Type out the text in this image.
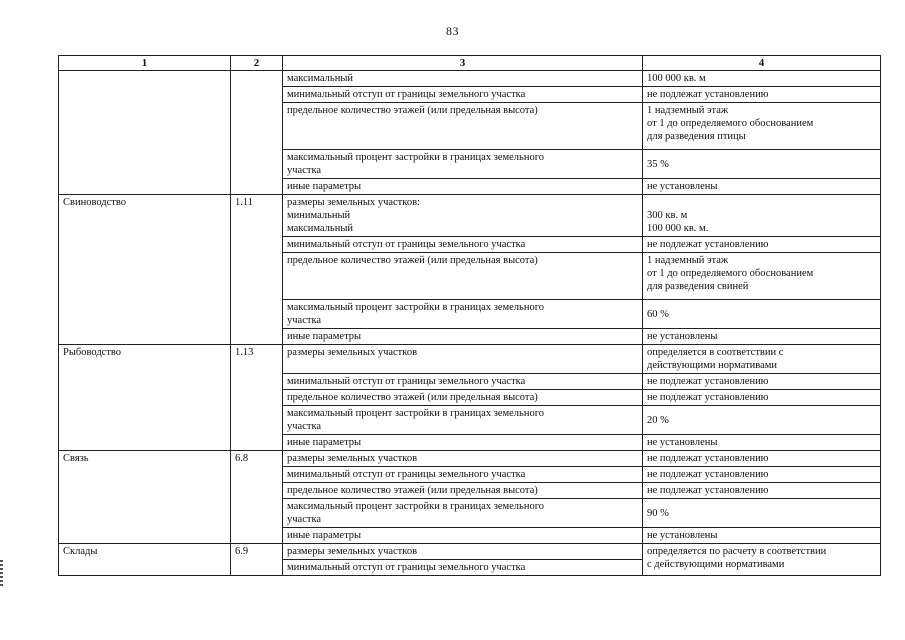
83
1	2	3	4
		максимальный	100 000 кв. м
		минимальный отступ от границы земельного участка	не подлежат установлению
		предельное количество этажей (или предельная высота)	1 надземный этаж
от 1 до определяемого обоснованием
для разведения птицы

		максимальный процент застройки в границах земельного
участка	35 %
		иные параметры	не установлены
Свиноводство	1.11	размеры земельных участков:
минимальный
максимальный	300 кв. м
100 000 кв. м.

		минимальный отступ от границы земельного участка	не подлежат установлению
		предельное количество этажей (или предельная высота)	1 надземный этаж
от 1 до определяемого обоснованием
для разведения свиней

		максимальный процент застройки в границах земельного
участка	60 %
		иные параметры	не установлены
Рыбоводство	1.13	размеры земельных участков	определяется в соответствии с
действующими нормативами

		минимальный отступ от границы земельного участка	не подлежат установлению
		предельное количество этажей (или предельная высота)	не подлежат установлению

		максимальный процент застройки в границах земельного
участка	20 %
		иные параметры	не установлены
Связь	6.8	размеры земельных участков	не подлежат установлению
		минимальный отступ от границы земельного участка	не подлежат установлению
		предельное количество этажей (или предельная высота)	не подлежат установлению

		максимальный процент застройки в границах земельного
участка	90 %
		иные параметры	не установлены
Склады	6.9	размеры земельных участков	определяется по расчету в соответствии
с действующими нормативами

		минимальный отступ от границы земельного участка	
